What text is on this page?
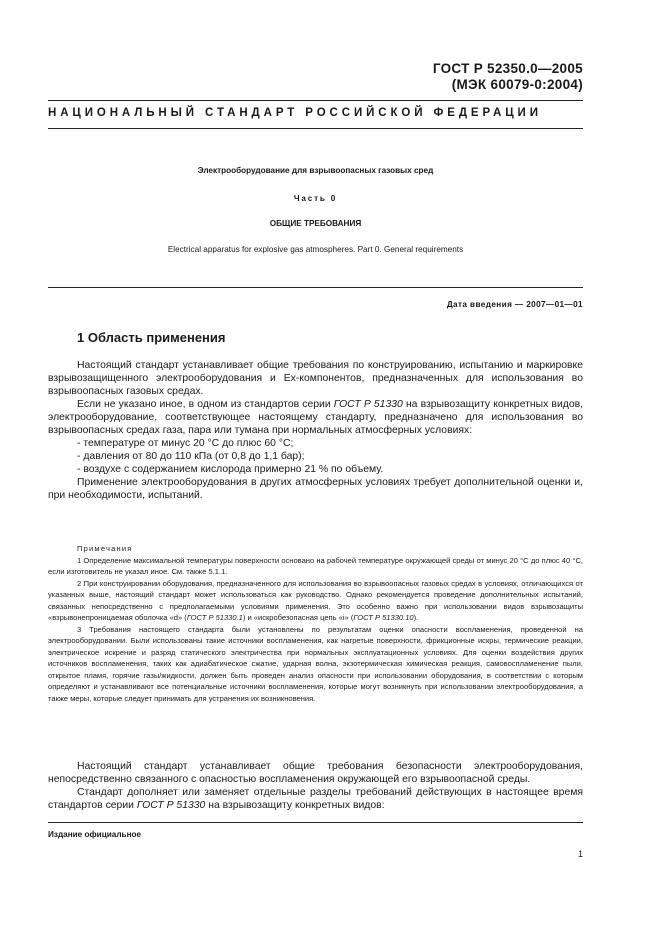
ГОСТ Р 52350.0—2005
(МЭК 60079-0:2004)
НАЦИОНАЛЬНЫЙ СТАНДАРТ РОССИЙСКОЙ ФЕДЕРАЦИИ
Электрооборудование для взрывоопасных газовых сред
Часть 0
ОБЩИЕ ТРЕБОВАНИЯ
Electrical apparatus for explosive gas atmospheres. Part 0. General requirements
Дата введения — 2007—01—01
1 Область применения

Настоящий стандарт устанавливает общие требования по конструированию, испытанию и маркировке взрывозащищенного электрооборудования и Ex-компонентов, предназначенных для использования во взрывоопасных газовых средах.

Если не указано иное, в одном из стандартов серии ГОСТ Р 51330 на взрывозащиту конкретных видов, электрооборудование, соответствующее настоящему стандарту, предназначено для использования во взрывоопасных средах газа, пара или тумана при нормальных атмосферных условиях:

- температуре от минус 20 °С до плюс 60 °С;

- давления от 80 до 110 кПа (от 0,8 до 1,1 бар);

- воздухе с содержанием кислорода примерно 21 % по объему.

Применение электрооборудования в других атмосферных условиях требует дополнительной оценки и, при необходимости, испытаний.

Примечания

1 Определение максимальной температуры поверхности основано на рабочей температуре окружающей среды от минус 20 °С до плюс 40 °С, если изготовитель не указал иное. См. также 5.1.1.

2 При конструировании оборудования, предназначенного для использования во взрывоопасных газовых средах в условиях, отличающихся от указанных выше, настоящий стандарт может использоваться как руководство. Однако рекомендуется проведение дополнительных испытаний, связанных непосредственно с предполагаемыми условиями применения. Это особенно важно при использовании видов взрывозащиты «взрывонепроницаемая оболочка «d» (ГОСТ Р 51330.1) и «искробезопасная цепь «i» (ГОСТ Р 51330.10).

3 Требования настоящего стандарта были установлены по результатам оценки опасности воспламенения, проведенной на электрооборудовании. Были использованы такие источники воспламенения, как нагретые поверхности, фрикционные искры, термические реакции, электрическое искрение и разряд статического электричества при нормальных эксплуатационных условиях. Для оценки воздействия других источников воспламенения, таких как адиабатическое сжатие, ударная волна, экзотермическая химическая реакция, самовоспламенение пыли, открытое пламя, горячие газы/жидкости, должен быть проведен анализ опасности при использовании оборудования, в соответствии с которым определяют и устанавливают все потенциальные источники воспламенения, которые могут возникнуть при использовании электрооборудования, а также меры, которые следует принимать для устранения их возникновения.

Настоящий стандарт устанавливает общие требования безопасности электрооборудования, непосредственно связанного с опасностью воспламенения окружающей его взрывоопасной среды.

Стандарт дополняет или заменяет отдельные разделы требований действующих в настоящее время стандартов серии ГОСТ Р 51330 на взрывозащиту конкретных видов:

Издание официальное
1
